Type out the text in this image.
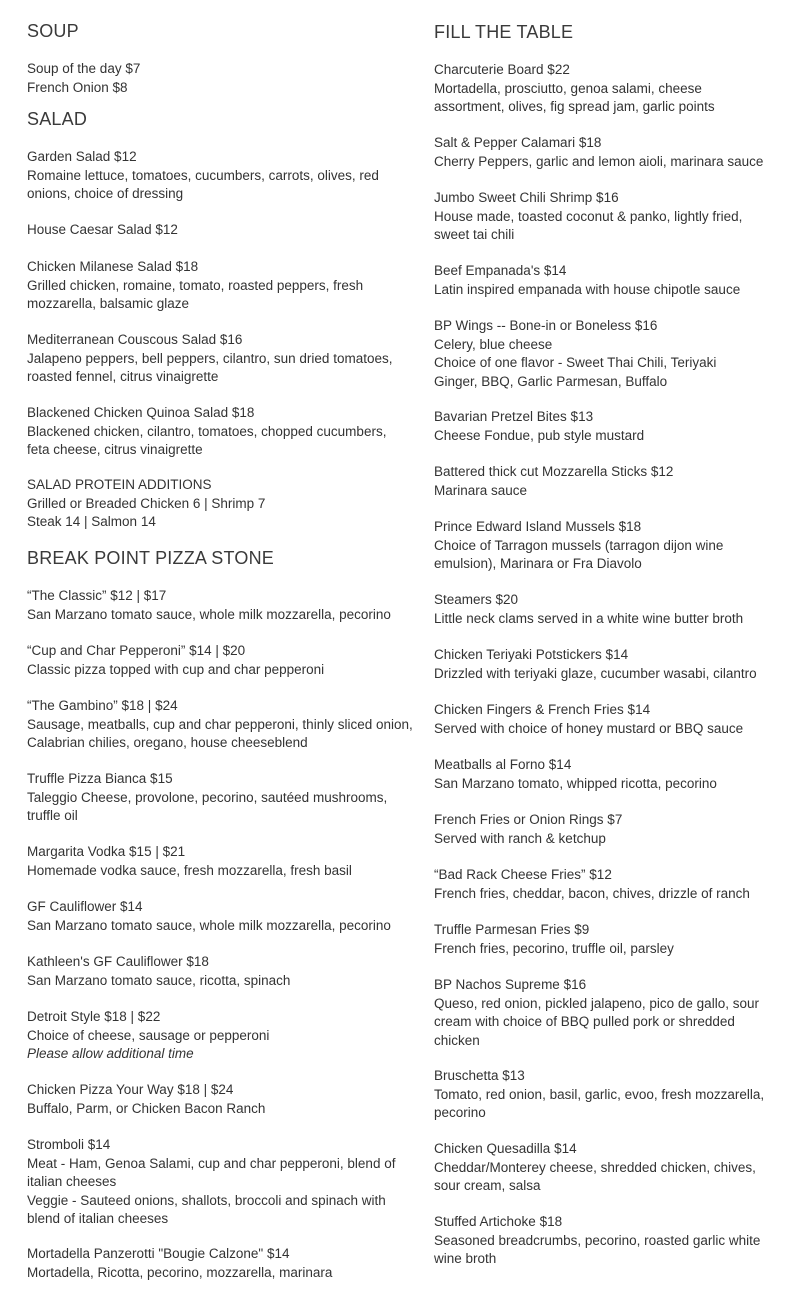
SOUP
Soup of the day $7
French Onion $8
SALAD
Garden Salad $12
Romaine lettuce, tomatoes, cucumbers, carrots, olives, red
onions, choice of dressing
House Caesar Salad $12
Chicken Milanese Salad $18
Grilled chicken, romaine, tomato, roasted peppers, fresh
mozzarella, balsamic glaze
Mediterranean Couscous Salad $16
Jalapeno peppers, bell peppers, cilantro, sun dried tomatoes,
roasted fennel, citrus vinaigrette
Blackened Chicken Quinoa Salad $18
Blackened chicken, cilantro, tomatoes, chopped cucumbers,
feta cheese, citrus vinaigrette
SALAD PROTEIN ADDITIONS
Grilled or Breaded Chicken 6 | Shrimp 7
Steak 14 | Salmon 14
BREAK POINT PIZZA STONE
“The Classic” $12 | $17
San Marzano tomato sauce, whole milk mozzarella, pecorino
“Cup and Char Pepperoni” $14 | $20
Classic pizza topped with cup and char pepperoni
“The Gambino” $18 | $24
Sausage, meatballs, cup and char pepperoni, thinly sliced onion,
Calabrian chilies, oregano, house cheeseblend
Truffle Pizza Bianca $15
Taleggio Cheese, provolone, pecorino, sautéed mushrooms,
truffle oil
Margarita Vodka $15 | $21
Homemade vodka sauce, fresh mozzarella, fresh basil
GF Cauliflower $14
San Marzano tomato sauce, whole milk mozzarella, pecorino
Kathleen's GF Cauliflower $18
San Marzano tomato sauce, ricotta, spinach
Detroit Style $18 | $22
Choice of cheese, sausage or pepperoni
Please allow additional time
Chicken Pizza Your Way $18 | $24
Buffalo, Parm, or Chicken Bacon Ranch
Stromboli $14
Meat - Ham, Genoa Salami, cup and char pepperoni, blend of
italian cheeses
Veggie - Sauteed onions, shallots, broccoli and spinach with
blend of italian cheeses
Mortadella Panzerotti "Bougie Calzone" $14
Mortadella, Ricotta, pecorino, mozzarella, marinara
FILL THE TABLE
Charcuterie Board $22
Mortadella, prosciutto, genoa salami, cheese
assortment, olives, fig spread jam, garlic points
Salt & Pepper Calamari $18
Cherry Peppers, garlic and lemon aioli, marinara sauce
Jumbo Sweet Chili Shrimp $16
House made, toasted coconut & panko, lightly fried,
sweet tai chili
Beef Empanada's $14
Latin inspired empanada with house chipotle sauce
BP Wings -- Bone-in or Boneless $16
Celery, blue cheese
Choice of one flavor - Sweet Thai Chili, Teriyaki
Ginger, BBQ, Garlic Parmesan, Buffalo
Bavarian Pretzel Bites $13
Cheese Fondue, pub style mustard
Battered thick cut Mozzarella Sticks $12
Marinara sauce
Prince Edward Island Mussels $18
Choice of Tarragon mussels (tarragon dijon wine
emulsion), Marinara or Fra Diavolo
Steamers $20
Little neck clams served in a white wine butter broth
Chicken Teriyaki Potstickers $14
Drizzled with teriyaki glaze, cucumber wasabi, cilantro
Chicken Fingers & French Fries $14
Served with choice of honey mustard or BBQ sauce
Meatballs al Forno $14
San Marzano tomato, whipped ricotta, pecorino
French Fries or Onion Rings $7
Served with ranch & ketchup
“Bad Rack Cheese Fries” $12
French fries, cheddar, bacon, chives, drizzle of ranch
Truffle Parmesan Fries $9
French fries, pecorino, truffle oil, parsley
BP Nachos Supreme $16
Queso, red onion, pickled jalapeno, pico de gallo, sour
cream with choice of BBQ pulled pork or shredded
chicken
Bruschetta $13
Tomato, red onion, basil, garlic, evoo, fresh mozzarella,
pecorino
Chicken Quesadilla $14
Cheddar/Monterey cheese, shredded chicken, chives,
sour cream, salsa
Stuffed Artichoke $18
Seasoned breadcrumbs, pecorino, roasted garlic white
wine broth
